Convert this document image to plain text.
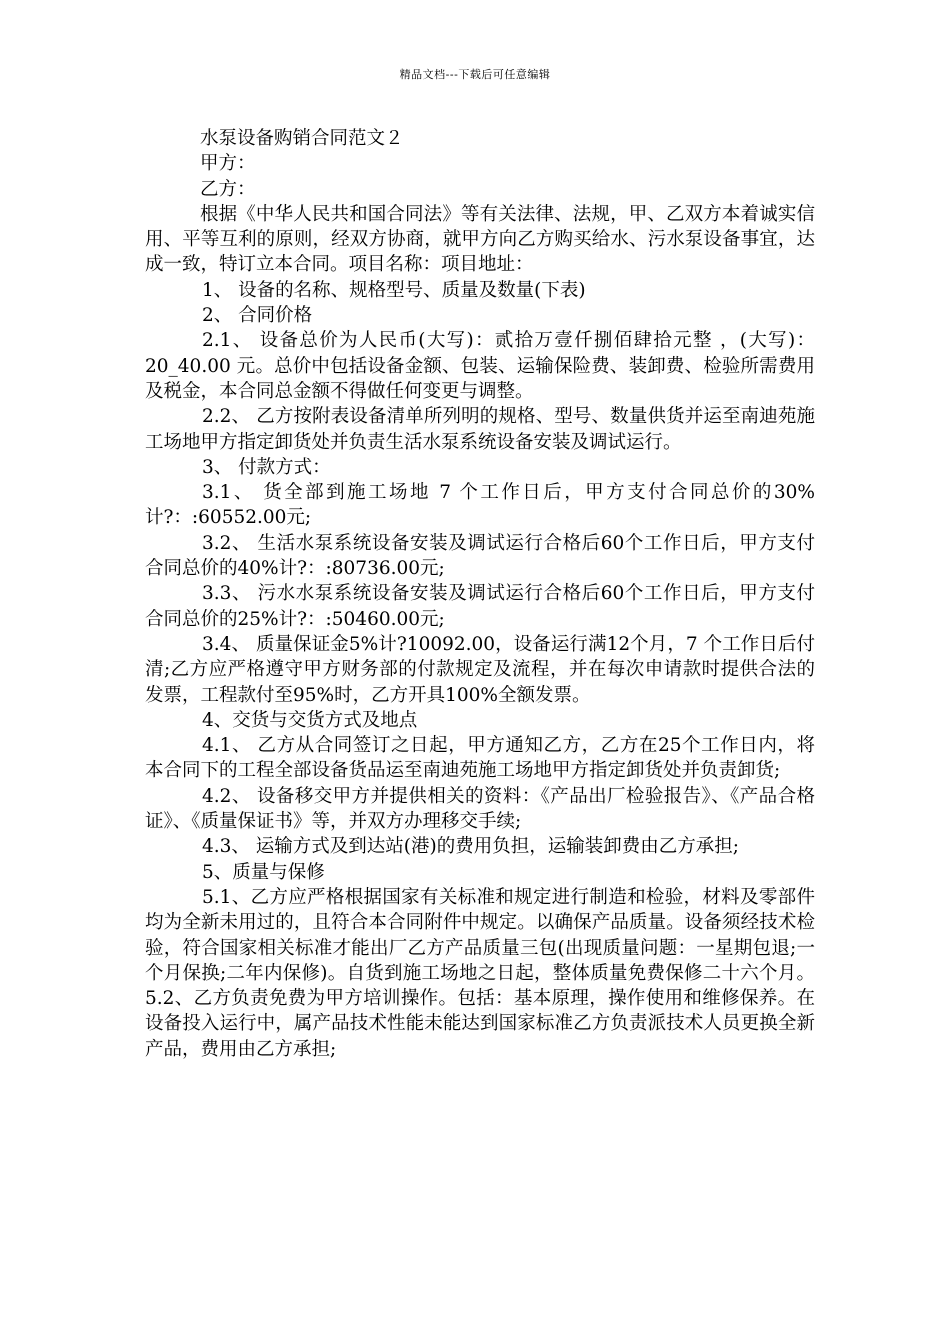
精品文档---下载后可任意编辑

水泵设备购销合同范文２

甲方：

乙方：

根据《中华人民共和国合同法》等有关法律、法规，甲、乙双方本着诚实信用、平等互利的原则，经双方协商，就甲方向乙方购买给水、污水泵设备事宜，达成一致，特订立本合同。项目名称：项目地址：

1、 设备的名称、规格型号、质量及数量(下表)

2、 合同价格

2.1、 设备总价为人民币(大写)：贰拾万壹仟捌佰肆拾元整 ，(大写)：20_40.00 元。总价中包括设备金额、包装、运输保险费、装卸费、检验所需费用及税金，本合同总金额不得做任何变更与调整。

2.2、 乙方按附表设备清单所列明的规格、型号、数量供货并运至南迪苑施工场地甲方指定卸货处并负责生活水泵系统设备安装及调试运行。

3、 付款方式：

3.1、 货全部到施工场地 7 个工作日后，甲方支付合同总价的30%计?：:60552.00元;

3.2、 生活水泵系统设备安装及调试运行合格后60个工作日后，甲方支付合同总价的40%计?：:80736.00元;

3.3、 污水水泵系统设备安装及调试运行合格后60个工作日后，甲方支付合同总价的25%计?：:50460.00元;

3.4、 质量保证金5%计?10092.00，设备运行满12个月，7 个工作日后付清;乙方应严格遵守甲方财务部的付款规定及流程，并在每次申请款时提供合法的发票，工程款付至95%时，乙方开具100%全额发票。

4、交货与交货方式及地点

4.1、 乙方从合同签订之日起，甲方通知乙方，乙方在25个工作日内，将本合同下的工程全部设备货品运至南迪苑施工场地甲方指定卸货处并负责卸货;

4.2、 设备移交甲方并提供相关的资料：《产品出厂检验报告》、《产品合格证》、《质量保证书》等，并双方办理移交手续;

4.3、 运输方式及到达站(港)的费用负担，运输装卸费由乙方承担;

5、质量与保修

5.1、乙方应严格根据国家有关标准和规定进行制造和检验，材料及零部件均为全新未用过的，且符合本合同附件中规定。以确保产品质量。设备须经技术检验，符合国家相关标准才能出厂乙方产品质量三包(出现质量问题：一星期包退;一个月保换;二年内保修)。自货到施工场地之日起，整体质量免费保修二十六个月。5.2、乙方负责免费为甲方培训操作。包括：基本原理，操作使用和维修保养。在设备投入运行中，属产品技术性能未能达到国家标准乙方负责派技术人员更换全新产品，费用由乙方承担;
